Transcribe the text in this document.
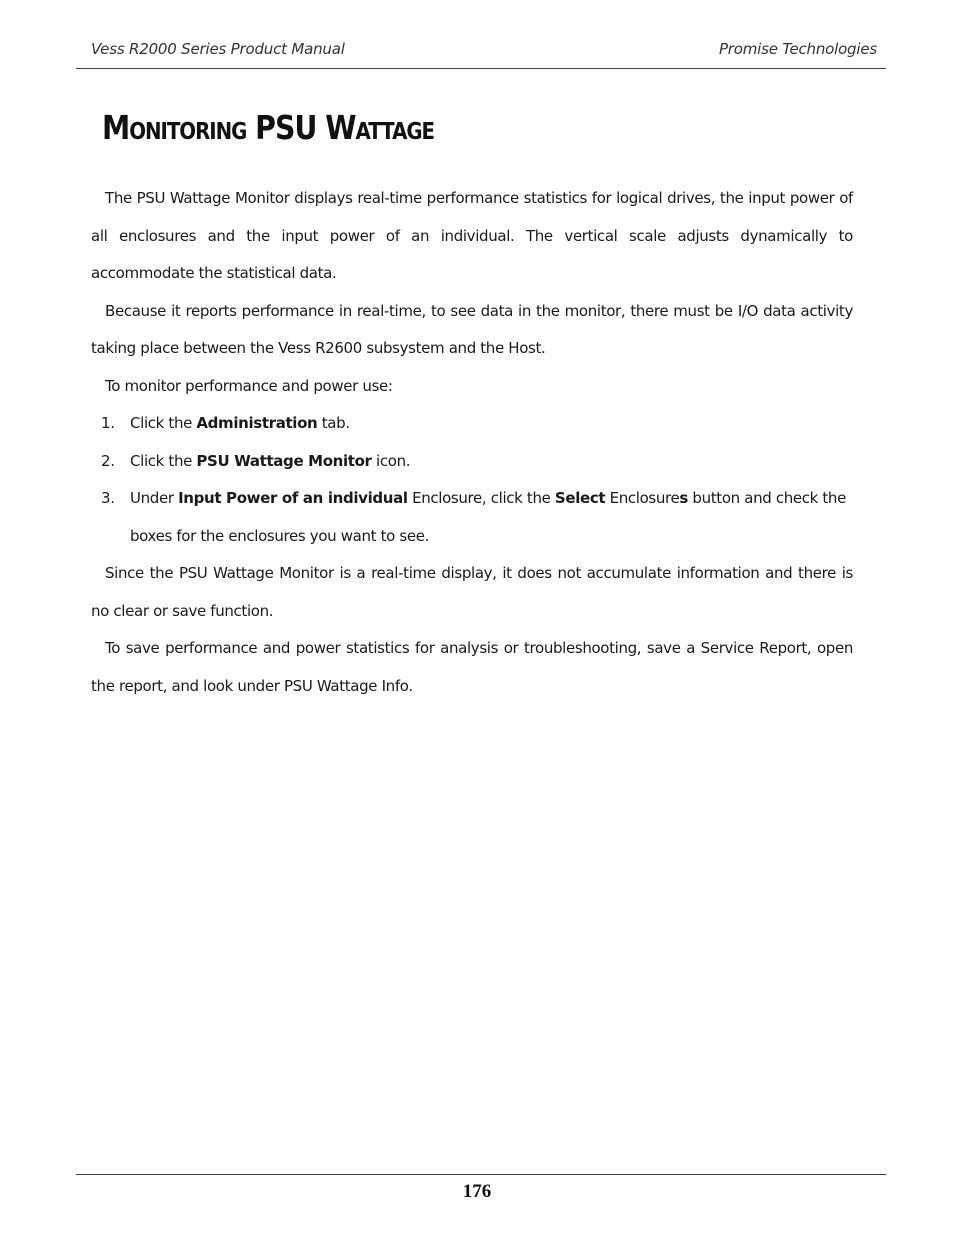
Vess R2000 Series Product Manual	Promise Technologies
Monitoring PSU Wattage

The PSU Wattage Monitor displays real-time performance statistics for logical drives, the input power of all enclosures and the input power of an individual. The vertical scale adjusts dynamically to accommodate the statistical data.

Because it reports performance in real-time, to see data in the monitor, there must be I/O data activity taking place between the Vess R2600 subsystem and the Host.

To monitor performance and power use:

1. Click the Administration tab.
2. Click the PSU Wattage Monitor icon.
3. Under Input Power of an individual Enclosure, click the Select Enclosures button and check the boxes for the enclosures you want to see.

Since the PSU Wattage Monitor is a real-time display, it does not accumulate information and there is no clear or save function.

To save performance and power statistics for analysis or troubleshooting, save a Service Report, open the report, and look under PSU Wattage Info.

176
